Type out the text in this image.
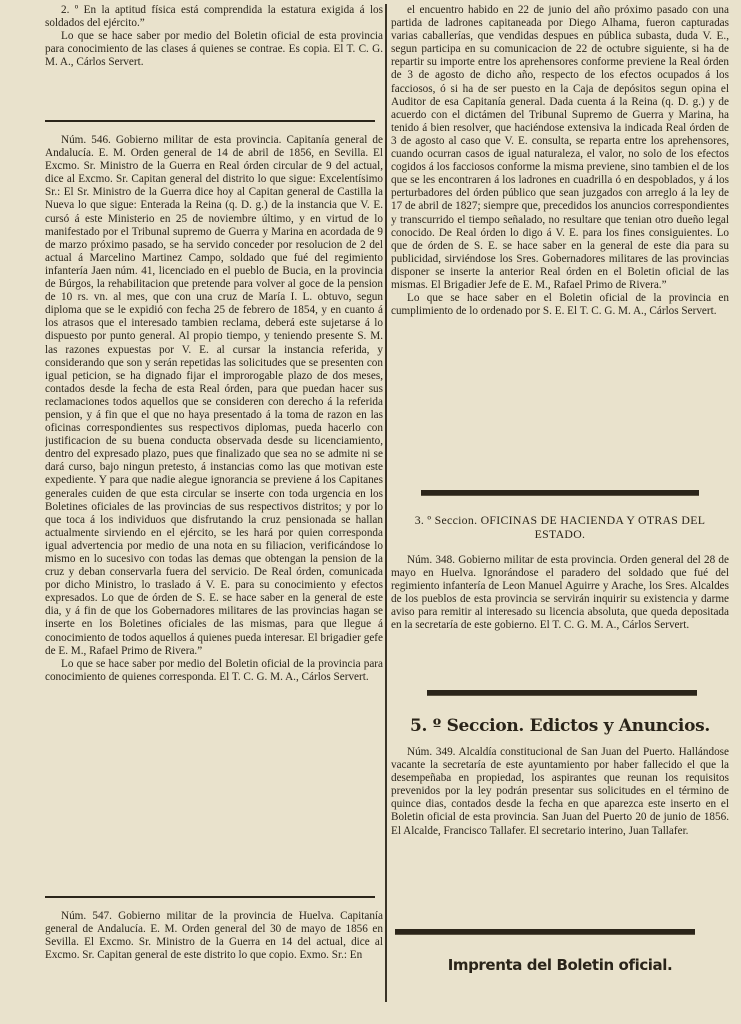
2. º En la aptitud física está comprendida la estatura exigida á los soldados del ejército.”

Lo que se hace saber por medio del Boletin oficial de esta provincia para conocimiento de las clases á quienes se contrae. Es copia. El T. C. G. M. A., Cárlos Servert.

Núm. 546. Gobierno militar de esta provincia. Capitanía general de Andalucía. E. M. Orden general de 14 de abril de 1856, en Sevilla. El Excmo. Sr. Ministro de la Guerra en Real órden circular de 9 del actual, dice al Excmo. Sr. Capitan general del distrito lo que sigue: Excelentísimo Sr.: El Sr. Ministro de la Guerra dice hoy al Capitan general de Castilla la Nueva lo que sigue: Enterada la Reina (q. D. g.) de la instancia que V. E. cursó á este Ministerio en 25 de noviembre último, y en virtud de lo manifestado por el Tribunal supremo de Guerra y Marina en acordada de 9 de marzo próximo pasado, se ha servido conceder por resolucion de 2 del actual á Marcelino Martinez Campo, soldado que fué del regimiento infantería Jaen núm. 41, licenciado en el pueblo de Bucia, en la provincia de Búrgos, la rehabilitacion que pretende para volver al goce de la pension de 10 rs. vn. al mes, que con una cruz de María I. L. obtuvo, segun diploma que se le expidió con fecha 25 de febrero de 1854, y en cuanto á los atrasos que el interesado tambien reclama, deberá este sujetarse á lo dispuesto por punto general. Al propio tiempo, y teniendo presente S. M. las razones expuestas por V. E. al cursar la instancia referida, y considerando que son y serán repetidas las solicitudes que se presenten con igual peticion, se ha dignado fijar el improrogable plazo de dos meses, contados desde la fecha de esta Real órden, para que puedan hacer sus reclamaciones todos aquellos que se consideren con derecho á la referida pension, y á fin que el que no haya presentado á la toma de razon en las oficinas correspondientes sus respectivos diplomas, pueda hacerlo con justificacion de su buena conducta observada desde su licenciamiento, dentro del expresado plazo, pues que finalizado que sea no se admite ni se dará curso, bajo ningun pretesto, á instancias como las que motivan este expediente. Y para que nadie alegue ignorancia se previene á los Capitanes generales cuiden de que esta circular se inserte con toda urgencia en los Boletines oficiales de las provincias de sus respectivos distritos; y por lo que toca á los individuos que disfrutando la cruz pensionada se hallan actualmente sirviendo en el ejército, se les hará por quien corresponda igual advertencia por medio de una nota en su filiacion, verificándose lo mismo en lo sucesivo con todas las demas que obtengan la pension de la cruz y deban conservarla fuera del servicio. De Real órden, comunicada por dicho Ministro, lo traslado á V. E. para su conocimiento y efectos expresados. Lo que de órden de S. E. se hace saber en la general de este dia, y á fin de que los Gobernadores militares de las provincias hagan se inserte en los Boletines oficiales de las mismas, para que llegue á conocimiento de todos aquellos á quienes pueda interesar. El brigadier gefe de E. M., Rafael Primo de Rivera.”

Lo que se hace saber por medio del Boletin oficial de la provincia para conocimiento de quienes corresponda. El T. C. G. M. A., Cárlos Servert.

Núm. 547. Gobierno militar de la provincia de Huelva. Capitanía general de Andalucía. E. M. Orden general del 30 de mayo de 1856 en Sevilla. El Excmo. Sr. Ministro de la Guerra en 14 del actual, dice al Excmo. Sr. Capitan general de este distrito lo que copio. Exmo. Sr.: En

el encuentro habido en 22 de junio del año próximo pasado con una partida de ladrones capitaneada por Diego Alhama, fueron capturadas varias caballerías, que vendidas despues en pública subasta, duda V. E., segun participa en su comunicacion de 22 de octubre siguiente, si ha de repartir su importe entre los aprehensores conforme previene la Real órden de 3 de agosto de dicho año, respecto de los efectos ocupados á los facciosos, ó si ha de ser puesto en la Caja de depósitos segun opina el Auditor de esa Capitanía general. Dada cuenta á la Reina (q. D. g.) y de acuerdo con el dictámen del Tribunal Supremo de Guerra y Marina, ha tenido á bien resolver, que haciéndose extensiva la indicada Real órden de 3 de agosto al caso que V. E. consulta, se reparta entre los aprehensores, cuando ocurran casos de igual naturaleza, el valor, no solo de los efectos cogidos á los facciosos conforme la misma previene, sino tambien el de los que se les encontraren á los ladrones en cuadrilla ó en despoblados, y á los perturbadores del órden público que sean juzgados con arreglo á la ley de 17 de abril de 1827; siempre que, precedidos los anuncios correspondientes y transcurrido el tiempo señalado, no resultare que tenian otro dueño legal conocido. De Real órden lo digo á V. E. para los fines consiguientes. Lo que de órden de S. E. se hace saber en la general de este dia para su publicidad, sirviéndose los Sres. Gobernadores militares de las provincias disponer se inserte la anterior Real órden en el Boletin oficial de las mismas. El Brigadier Jefe de E. M., Rafael Primo de Rivera.”

Lo que se hace saber en el Boletin oficial de la provincia en cumplimiento de lo ordenado por S. E. El T. C. G. M. A., Cárlos Servert.

3. º Seccion. OFICINAS DE HACIENDA Y OTRAS DEL ESTADO.

Núm. 348. Gobierno militar de esta provincia. Orden general del 28 de mayo en Huelva. Ignorándose el paradero del soldado que fué del regimiento infantería de Leon Manuel Aguirre y Arache, los Sres. Alcaldes de los pueblos de esta provincia se servirán inquirir su existencia y darme aviso para remitir al interesado su licencia absoluta, que queda depositada en la secretaría de este gobierno. El T. C. G. M. A., Cárlos Servert.

5. º Seccion. Edictos y Anuncios.

Núm. 349. Alcaldía constitucional de San Juan del Puerto. Hallándose vacante la secretaría de este ayuntamiento por haber fallecido el que la desempeñaba en propiedad, los aspirantes que reunan los requisitos prevenidos por la ley podrán presentar sus solicitudes en el término de quince dias, contados desde la fecha en que aparezca este inserto en el Boletin oficial de esta provincia. San Juan del Puerto 20 de junio de 1856. El Alcalde, Francisco Tallafer. El secretario interino, Juan Tallafer.

Imprenta del Boletin oficial.
